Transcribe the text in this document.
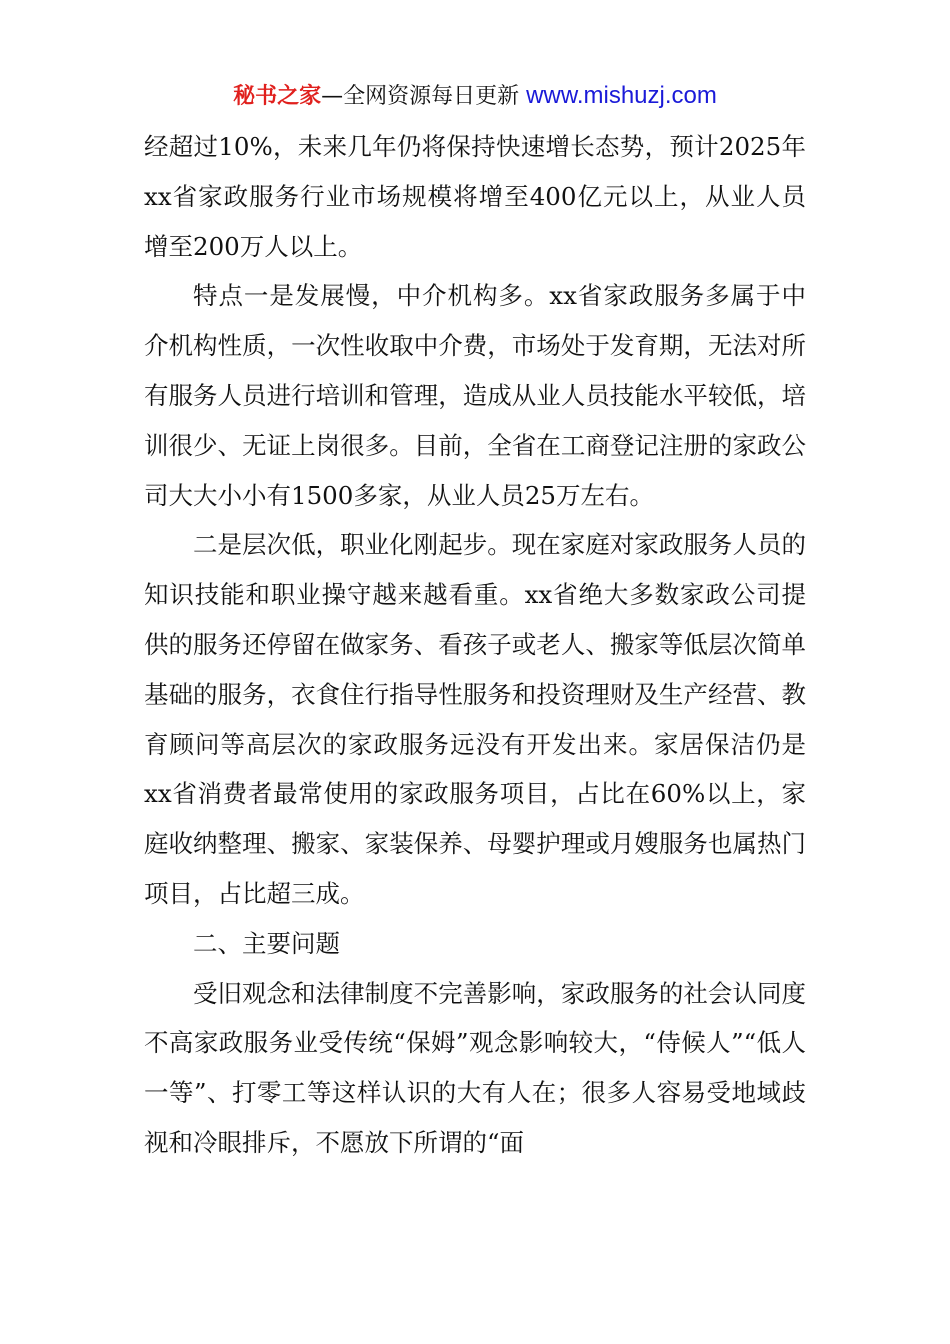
秘书之家—全网资源每日更新 www.mishuzj.com

经超过10%，未来几年仍将保持快速增长态势，预计2025年xx省家政服务行业市场规模将增至400亿元以上，从业人员增至200万人以上。

特点一是发展慢，中介机构多。xx省家政服务多属于中介机构性质，一次性收取中介费，市场处于发育期，无法对所有服务人员进行培训和管理，造成从业人员技能水平较低，培训很少、无证上岗很多。目前，全省在工商登记注册的家政公司大大小小有1500多家，从业人员25万左右。

二是层次低，职业化刚起步。现在家庭对家政服务人员的知识技能和职业操守越来越看重。xx省绝大多数家政公司提供的服务还停留在做家务、看孩子或老人、搬家等低层次简单基础的服务，衣食住行指导性服务和投资理财及生产经营、教育顾问等高层次的家政服务远没有开发出来。家居保洁仍是xx省消费者最常使用的家政服务项目，占比在60%以上，家庭收纳整理、搬家、家装保养、母婴护理或月嫂服务也属热门项目，占比超三成。

二、主要问题

受旧观念和法律制度不完善影响，家政服务的社会认同度不高家政服务业受传统“保姆”观念影响较大，“侍候人”“低人一等”、打零工等这样认识的大有人在；很多人容易受地域歧视和冷眼排斥，不愿放下所谓的“面
